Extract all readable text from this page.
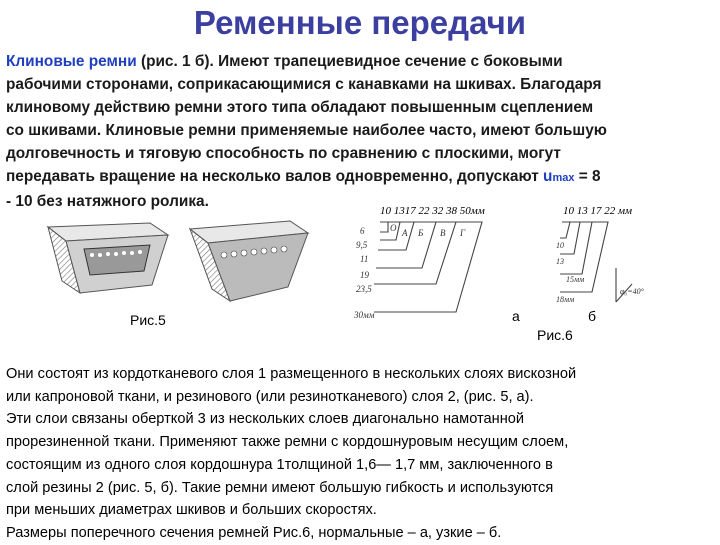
Ременные передачи
Клиновые ремни (рис. 1 б). Имеют трапециевидное сечение с боковыми
рабочими сторонами, соприкасающимися с канавками на шкивах. Благодаря
клиновому действию ремни этого типа обладают повышенным сцеплением
со шкивами. Клиновые ремни применяемые наиболее часто, имеют большую
долговечность и тяговую способность по сравнению с плоскими, могут
передавать вращение на несколько валов одновременно, допускают umax = 8
- 10 без натяжного ролика.
Рис.5
10 1317 22 32 38 50мм	10 13 17 22 мм
6
9,5
11
19
23,5
30мм
О А Б В Г
10
13
15мм
18мм
φ₀=40°
а	б
Рис.6
Они состоят из кордотканевого слоя 1 размещенного в нескольких слоях вискозной
или капроновой ткани, и резинового (или резинотканевого) слоя 2, (рис. 5, а).
Эти слои связаны оберткой 3 из нескольких слоев диагонально намотанной
прорезиненной ткани. Применяют также ремни с кордошнуровым несущим слоем,
состоящим из одного слоя кордошнура 1толщиной 1,6— 1,7 мм, заключенного в
слой резины 2 (рис. 5, б). Такие ремни имеют большую гибкость и используются
при меньших диаметрах шкивов и больших скоростях.
Размеры поперечного сечения ремней Рис.6, нормальные – а, узкие – б.
